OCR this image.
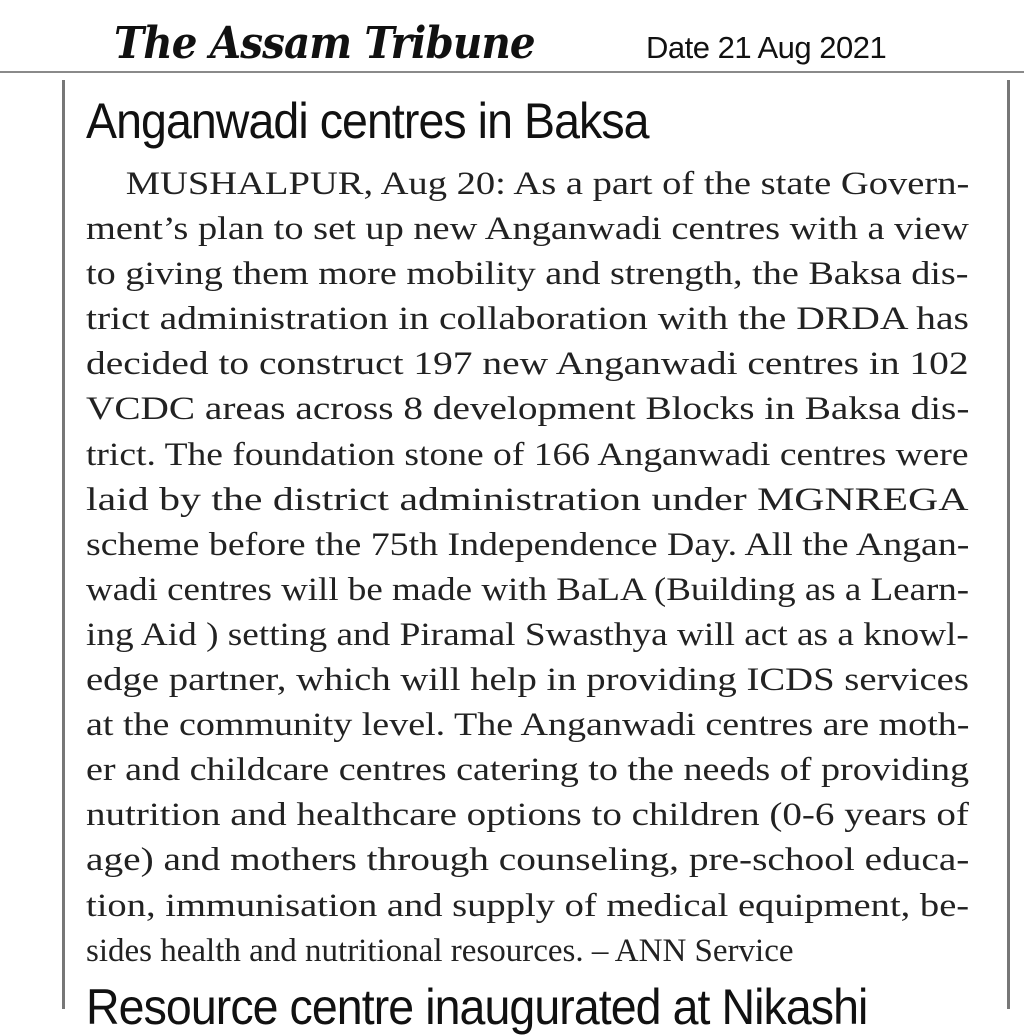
The Assam Tribune	Date 21 Aug 2021
Anganwadi centres in Baksa
MUSHALPUR, Aug 20: As a part of the state Govern-
ment’s plan to set up new Anganwadi centres with a view
to giving them more mobility and strength, the Baksa dis-
trict administration in collaboration with the DRDA has
decided to construct 197 new Anganwadi centres in 102
VCDC areas across 8 development Blocks in Baksa dis-
trict. The foundation stone of 166 Anganwadi centres were
laid by the district administration under MGNREGA
scheme before the 75th Independence Day. All the Angan-
wadi centres will be made with BaLA (Building as a Learn-
ing Aid ) setting and Piramal Swasthya will act as a knowl-
edge partner, which will help in providing ICDS services
at the community level. The Anganwadi centres are moth-
er and childcare centres catering to the needs of providing
nutrition and healthcare options to children (0-6 years of
age) and mothers through counseling, pre-school educa-
tion, immunisation and supply of medical equipment, be-
sides health and nutritional resources. – ANN Service
Resource centre inaugurated at Nikashi
